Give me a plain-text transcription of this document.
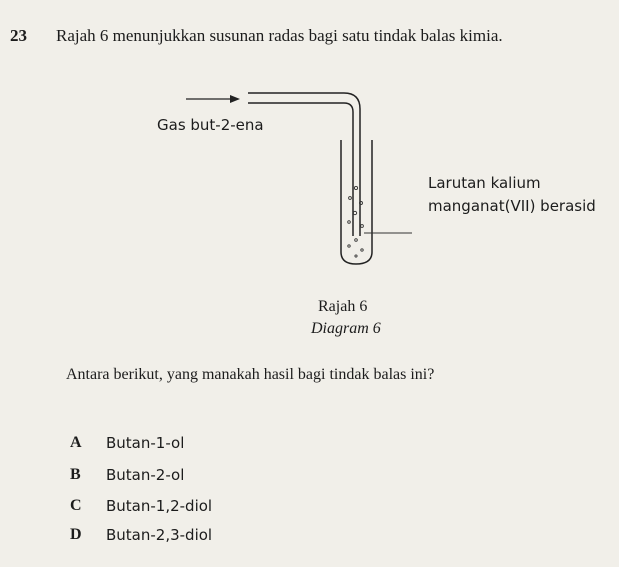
23 Rajah 6 menunjukkan susunan radas bagi satu tindak balas kimia.
Gas but-2-ena
Larutan kalium
manganat(VII) berasid
Rajah 6
Diagram 6
Antara berikut, yang manakah hasil bagi tindak balas ini?
A Butan-1-ol
B Butan-2-ol
C Butan-1,2-diol
D Butan-2,3-diol
